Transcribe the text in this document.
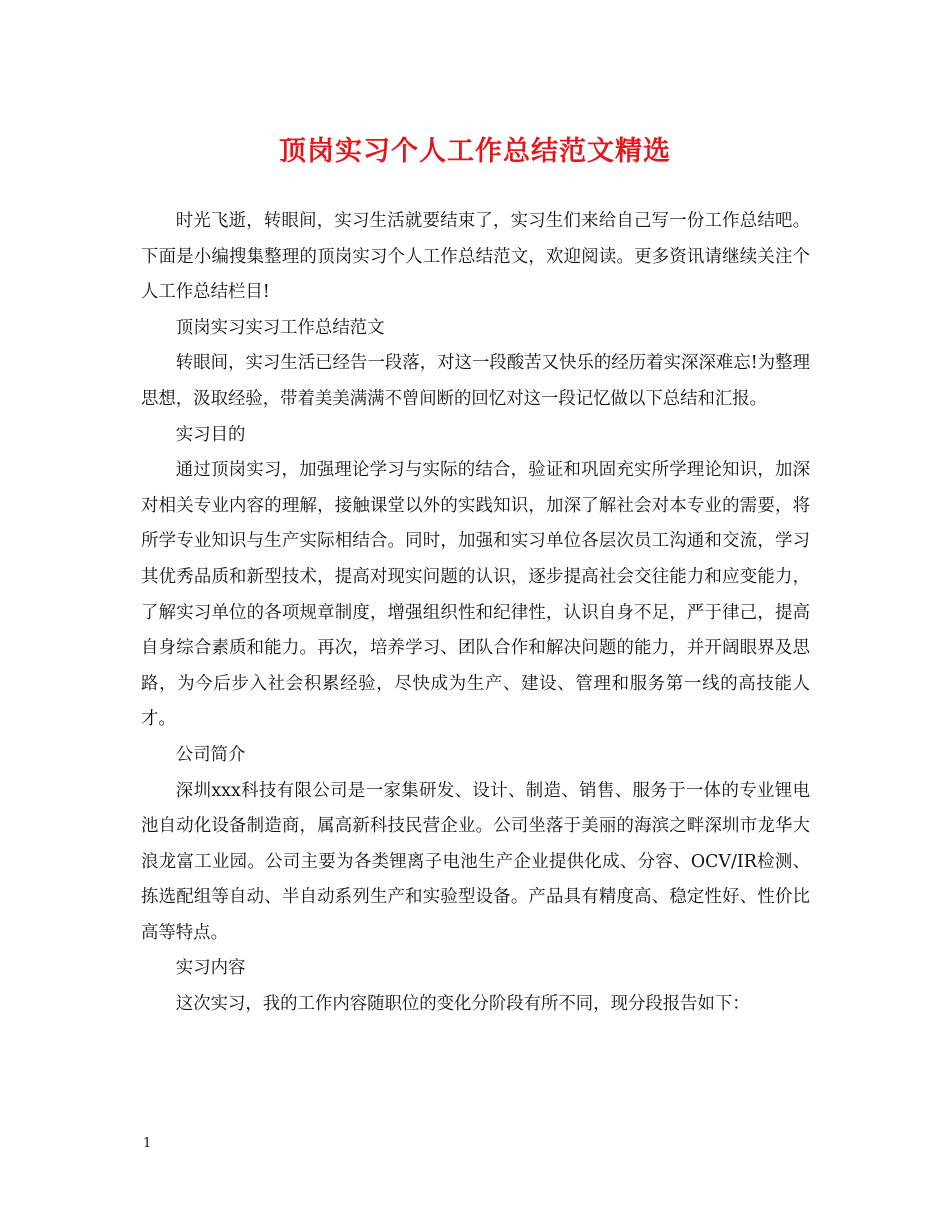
顶岗实习个人工作总结范文精选

时光飞逝，转眼间，实习生活就要结束了，实习生们来给自己写一份工作总结吧。下面是小编搜集整理的顶岗实习个人工作总结范文，欢迎阅读。更多资讯请继续关注个人工作总结栏目!

顶岗实习实习工作总结范文

转眼间，实习生活已经告一段落，对这一段酸苦又快乐的经历着实深深难忘!为整理思想，汲取经验，带着美美满满不曾间断的回忆对这一段记忆做以下总结和汇报。

实习目的

通过顶岗实习，加强理论学习与实际的结合，验证和巩固充实所学理论知识，加深对相关专业内容的理解，接触课堂以外的实践知识，加深了解社会对本专业的需要，将所学专业知识与生产实际相结合。同时，加强和实习单位各层次员工沟通和交流，学习其优秀品质和新型技术，提高对现实问题的认识，逐步提高社会交往能力和应变能力，了解实习单位的各项规章制度，增强组织性和纪律性，认识自身不足，严于律己，提高自身综合素质和能力。再次，培养学习、团队合作和解决问题的能力，并开阔眼界及思路，为今后步入社会积累经验，尽快成为生产、建设、管理和服务第一线的高技能人才。

公司简介

深圳xxx科技有限公司是一家集研发、设计、制造、销售、服务于一体的专业锂电池自动化设备制造商，属高新科技民营企业。公司坐落于美丽的海滨之畔深圳市龙华大浪龙富工业园。公司主要为各类锂离子电池生产企业提供化成、分容、OCV/IR检测、拣选配组等自动、半自动系列生产和实验型设备。产品具有精度高、稳定性好、性价比高等特点。

实习内容

这次实习，我的工作内容随职位的变化分阶段有所不同，现分段报告如下：

1
